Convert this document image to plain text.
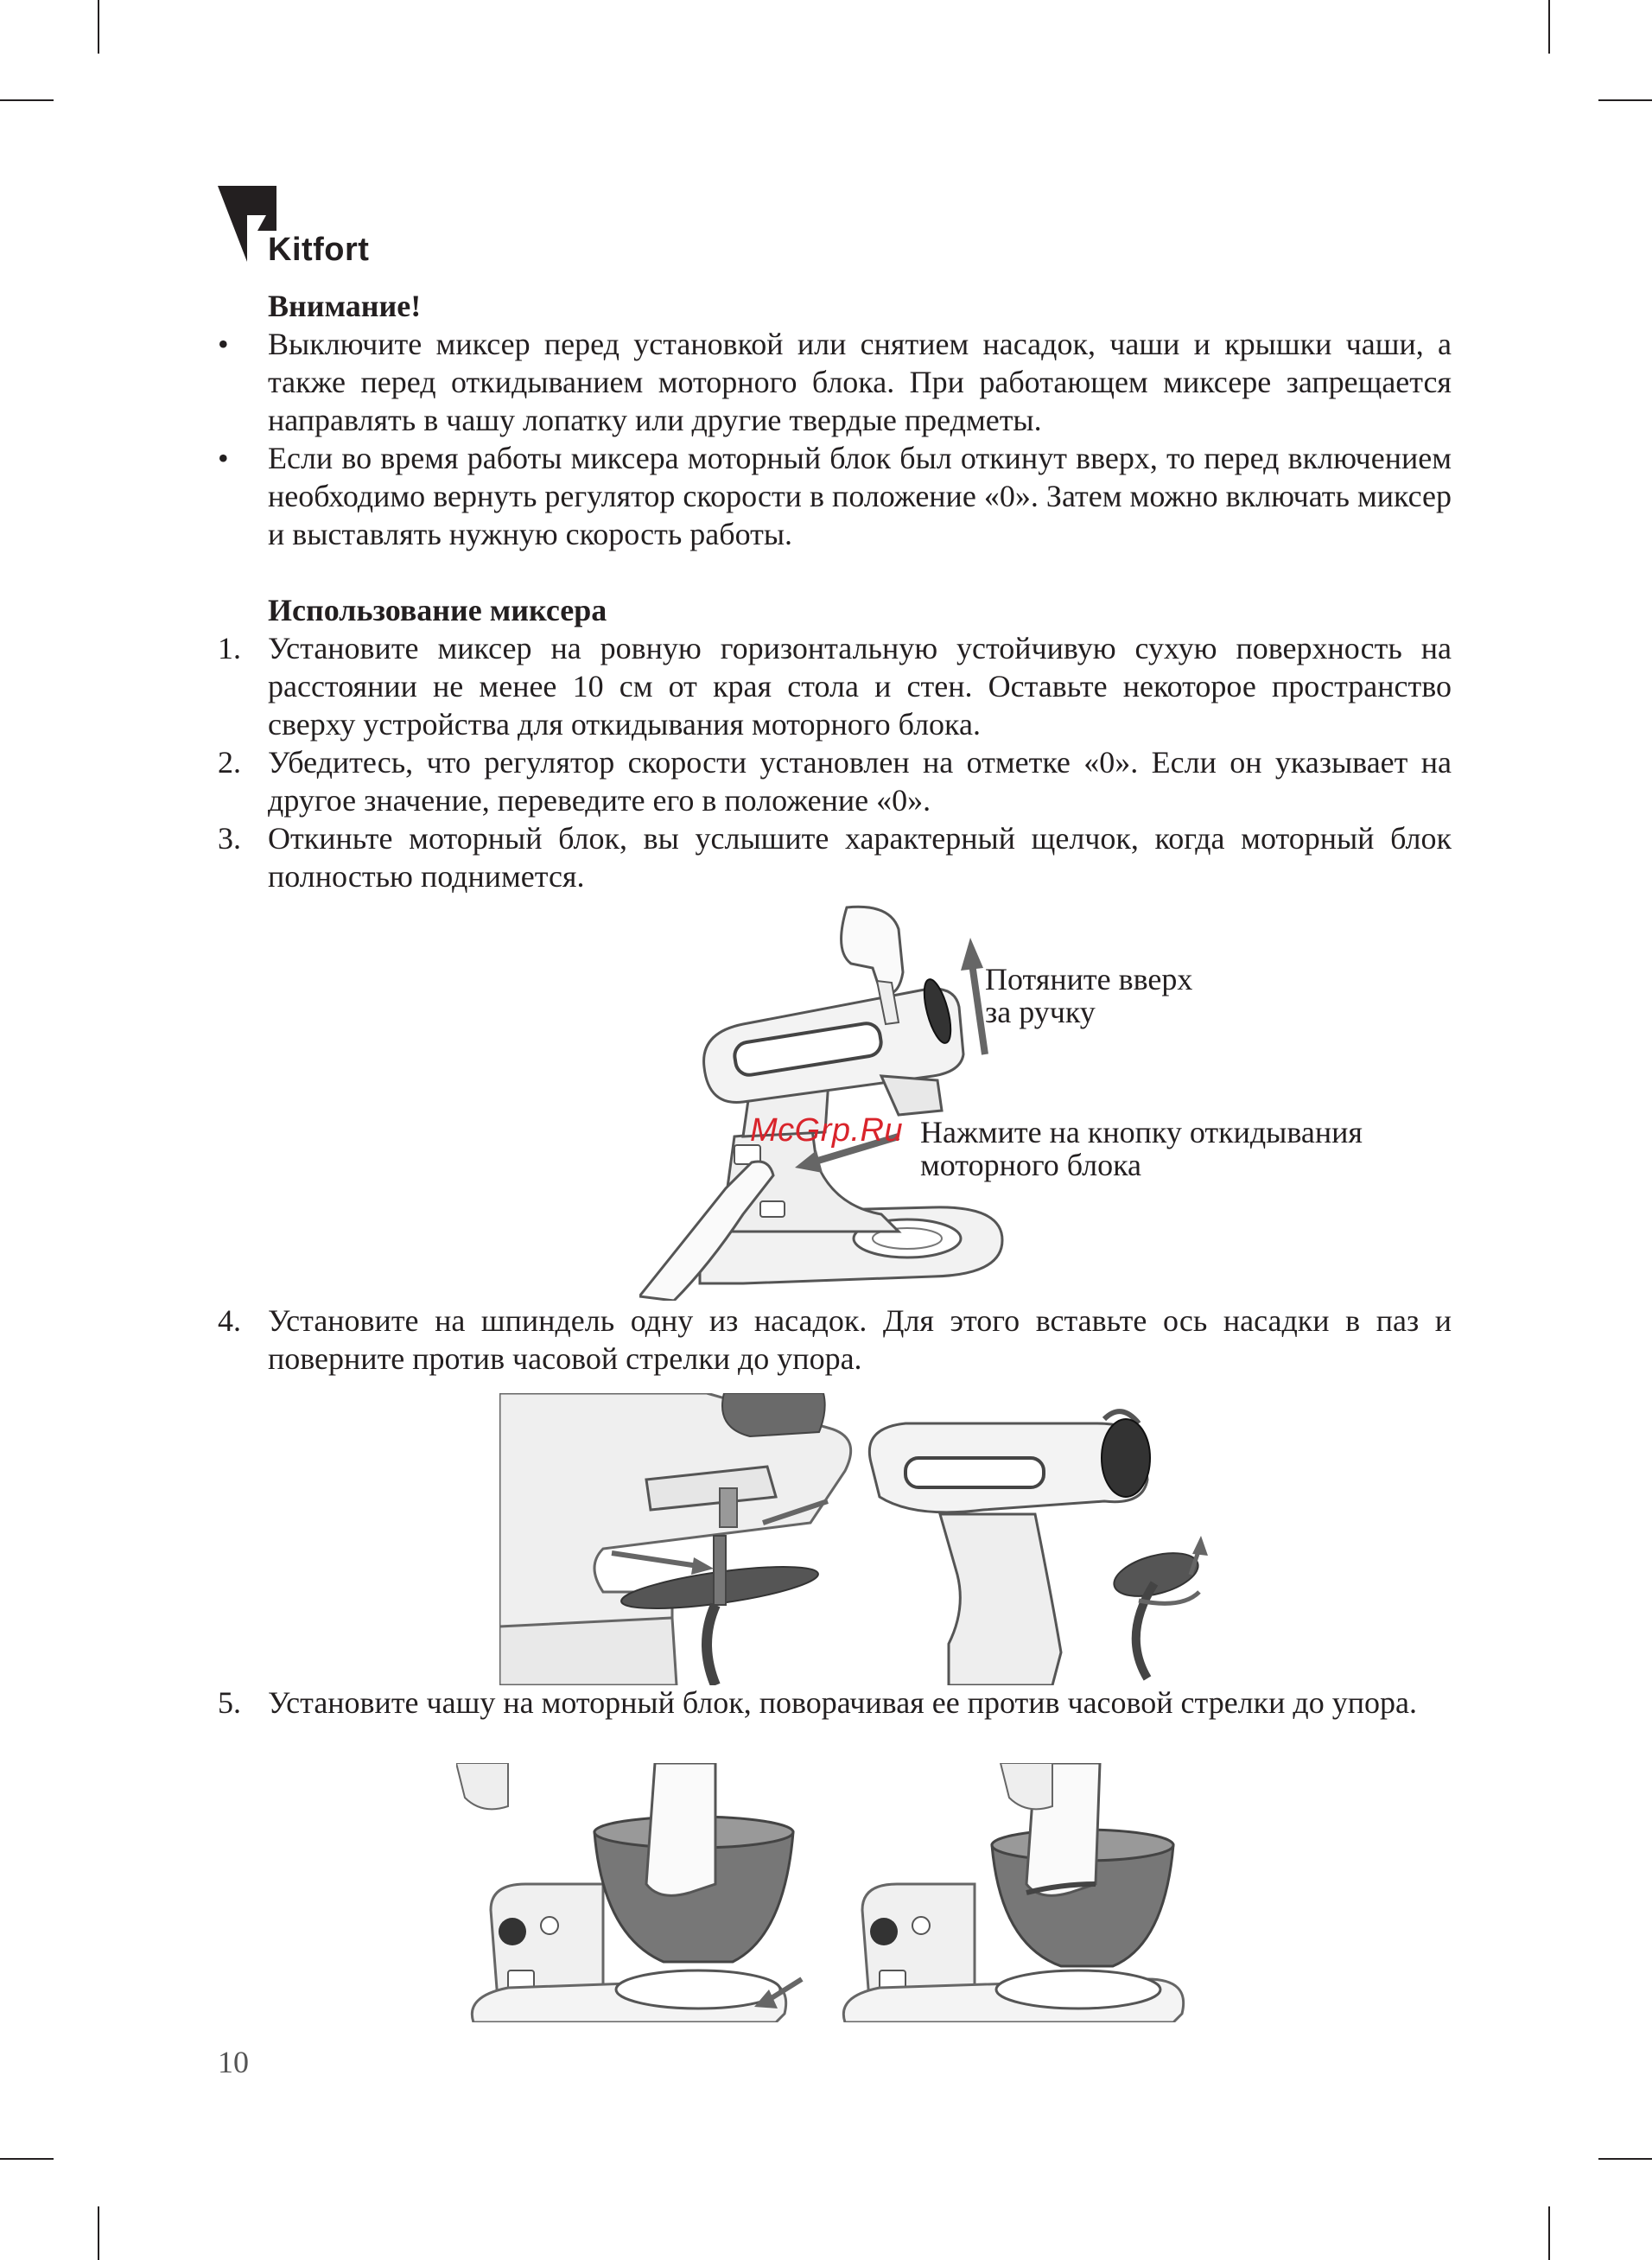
Kitfort
Внимание!
• Выключите миксер перед установкой или снятием насадок, чаши и крышки чаши, а также перед откидыванием моторного блока. При работающем миксере запрещается направлять в чашу лопатку или другие твердые предметы.
• Если во время работы миксера моторный блок был откинут вверх, то перед включением необходимо вернуть регулятор скорости в положение «0». Затем можно включать миксер и выставлять нужную скорость работы.
Использование миксера
1. Установите миксер на ровную горизонтальную устойчивую сухую поверхность на расстоянии не менее 10 см от края стола и стен. Оставьте некоторое пространство сверху устройства для откидывания моторного блока.
2. Убедитесь, что регулятор скорости установлен на отметке «0». Если он указывает на другое значение, переведите его в положение «0».
3. Откиньте моторный блок, вы услышите характерный щелчок, когда моторный блок полностью поднимется.
Потяните вверх
за ручку
McGrp.Ru Нажмите на кнопку откидывания
моторного блока
4. Установите на шпиндель одну из насадок. Для этого вставьте ось насадки в паз и поверните против часовой стрелки до упора.
5. Установите чашу на моторный блок, поворачивая ее против часовой стрелки до упора.
10
